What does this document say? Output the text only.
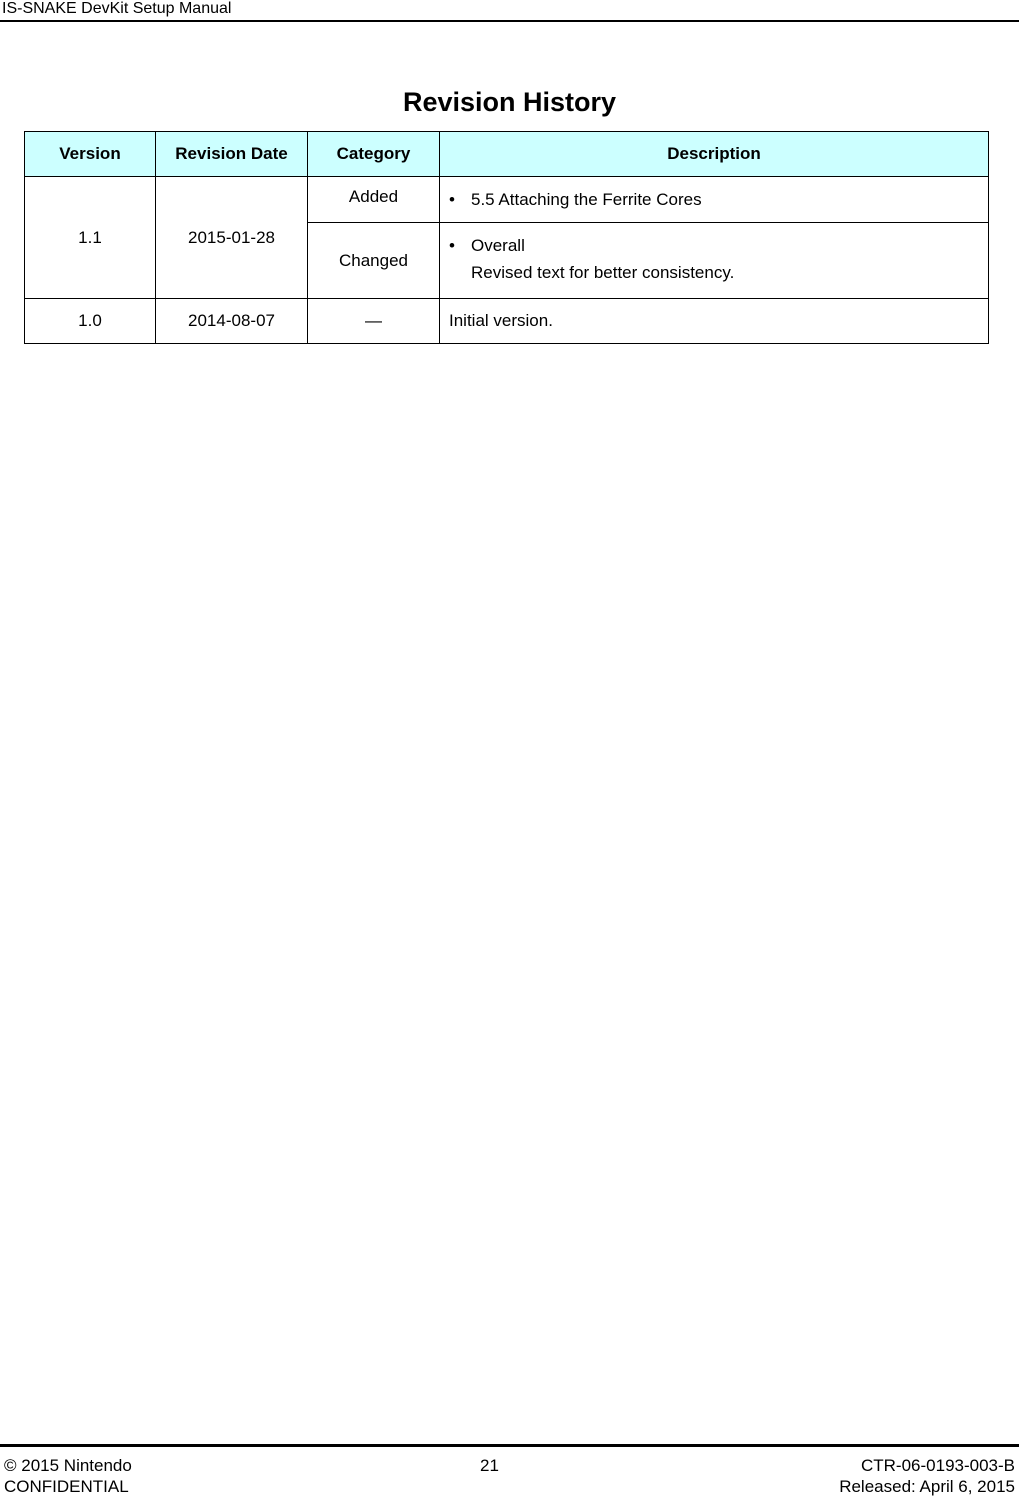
IS-SNAKE DevKit Setup Manual
Revision History
Version	Revision Date	Category	Description
1.1	2015-01-28	Added	• 5.5 Attaching the Ferrite Cores

		Changed	• Overall
Revised text for better consistency.

1.0	2014-08-07	—	Initial version.
© 2015 Nintendo
CONFIDENTIAL
21	CTR-06-0193-003-B
Released: April 6, 2015
